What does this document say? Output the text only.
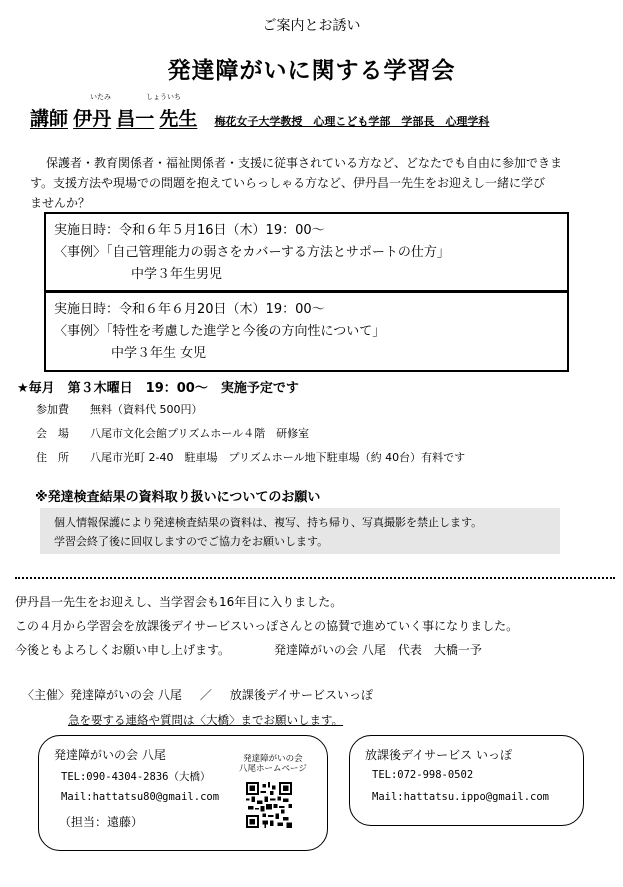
ご案内とお誘い
発達障がいに関する学習会
いたみ	しょういち
講師 伊丹 昌一 先生 梅花女子大学教授　心理こども学部　学部長　心理学科
保護者・教育関係者・福祉関係者・支援に従事されている方など、どなたでも自由に参加できま
す。支援方法や現場での問題を抱えていらっしゃる方など、伊丹昌一先生をお迎えし一緒に学び
ませんか？
実施日時：令和６年５月16日（木）19：00～
〈事例〉「自己管理能力の弱さをカバーする方法とサポートの仕方」
中学３年生男児
実施日時：令和６年６月20日（木）19：00～
〈事例〉「特性を考慮した進学と今後の方向性について」
中学３年生 女児
★毎月　第３木曜日　19：00～　実施予定です
参加費 無料（資料代 500円）
会　場 八尾市文化会館プリズムホール４階　研修室
住　所 八尾市光町 2-40　駐車場　プリズムホール地下駐車場（約 40台）有料です
※発達検査結果の資料取り扱いについてのお願い
個人情報保護により発達検査結果の資料は、複写、持ち帰り、写真撮影を禁止します。
学習会終了後に回収しますのでご協力をお願いします。
伊丹昌一先生をお迎えし、当学習会も16年目に入りました。
この４月から学習会を放課後デイサービスいっぽさんとの協賛で進めていく事になりました。
今後ともよろしくお願い申し上げます。	発達障がいの会 八尾　代表　大橋一予
〈主催〉発達障がいの会 八尾 ／ 放課後デイサービスいっぽ
急を要する連絡や質問は〈大橋〉までお願いします。
発達障がいの会 八尾
TEL:090-4304-2836（大橋）
Mail:hattatsu80@gmail.com
（担当：遠藤）
発達障がいの会
八尾ホームページ
放課後デイサービス いっぽ
TEL:072-998-0502
Mail:hattatsu.ippo@gmail.com
